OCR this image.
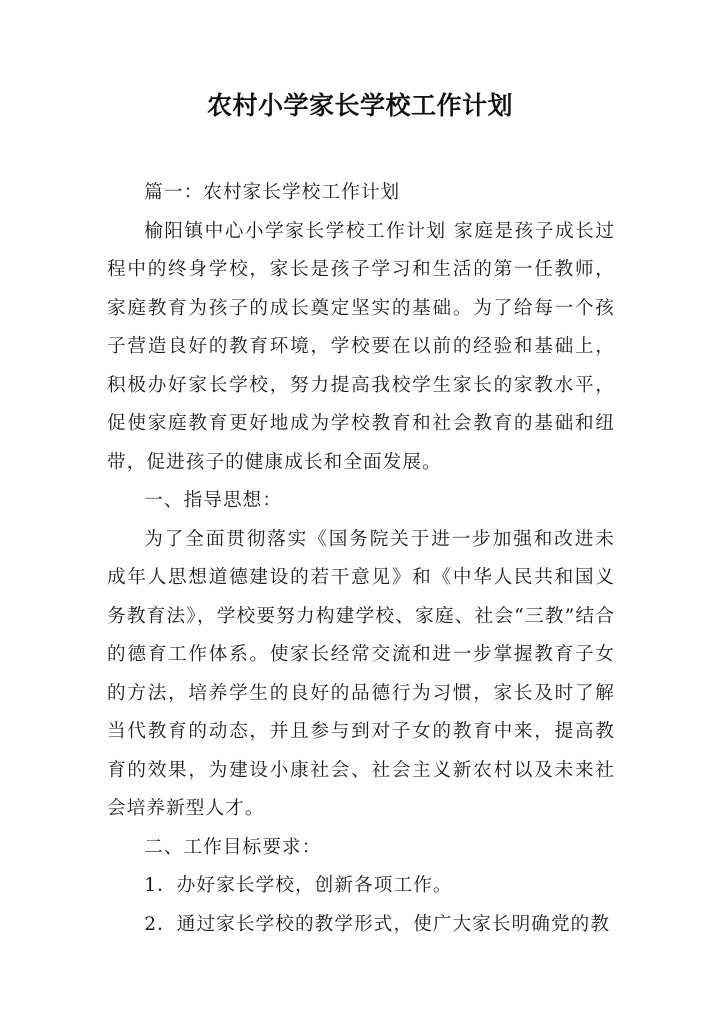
农村小学家长学校工作计划

篇一：农村家长学校工作计划

榆阳镇中心小学家长学校工作计划 家庭是孩子成长过程中的终身学校，家长是孩子学习和生活的第一任教师，家庭教育为孩子的成长奠定坚实的基础。为了给每一个孩子营造良好的教育环境，学校要在以前的经验和基础上，积极办好家长学校，努力提高我校学生家长的家教水平，促使家庭教育更好地成为学校教育和社会教育的基础和纽带，促进孩子的健康成长和全面发展。

一、指导思想：

为了全面贯彻落实《国务院关于进一步加强和改进未成年人思想道德建设的若干意见》和《中华人民共和国义务教育法》，学校要努力构建学校、家庭、社会“三教”结合的德育工作体系。使家长经常交流和进一步掌握教育子女的方法，培养学生的良好的品德行为习惯，家长及时了解当代教育的动态，并且参与到对子女的教育中来，提高教育的效果，为建设小康社会、社会主义新农村以及未来社会培养新型人才。

二、工作目标要求：

1．办好家长学校，创新各项工作。

2．通过家长学校的教学形式，使广大家长明确党的教
